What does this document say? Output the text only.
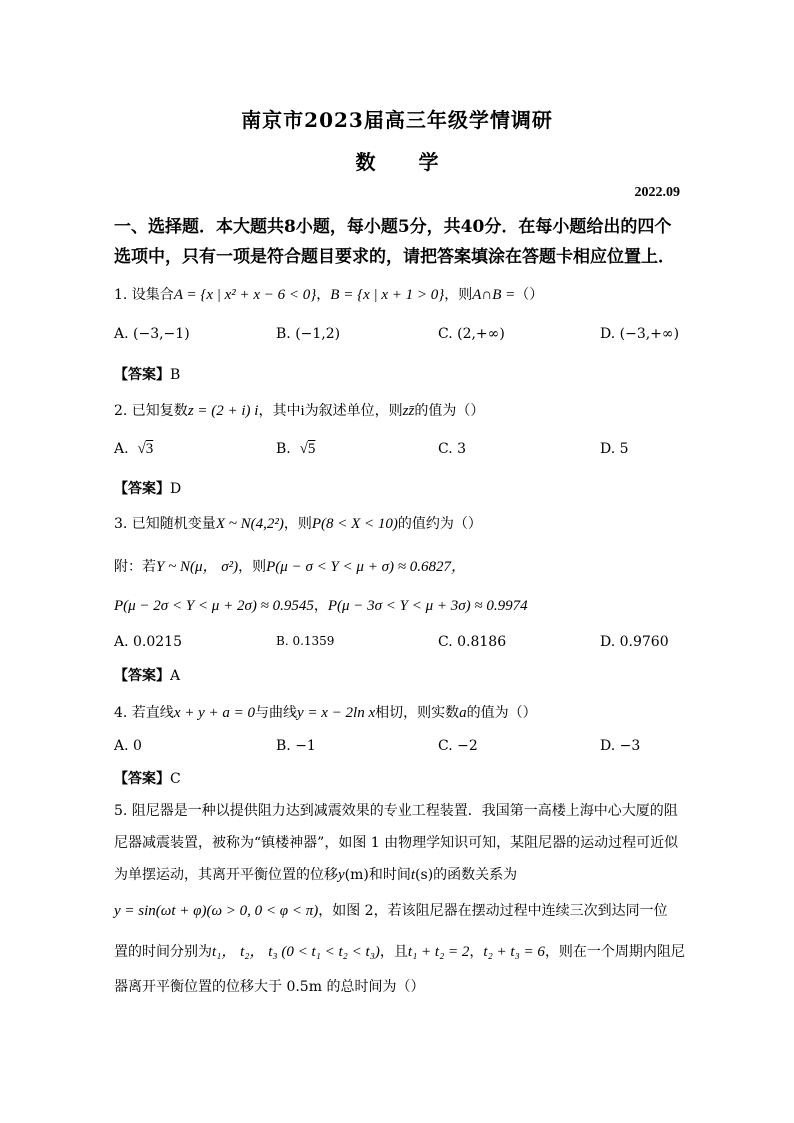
南京市2023届高三年级学情调研
数 学
2022.09
一、选择题．本大题共8小题，每小题5分，共40分．在每小题给出的四个选项中，只有一项是符合题目要求的，请把答案填涂在答题卡相应位置上．
1. 设集合A = {x | x² + x − 6 < 0}，B = {x | x + 1 > 0}，则A∩B =（）
A. (−3,−1)	B. (−1,2)	C. (2,+∞)	D. (−3,+∞)
【答案】B
2. 已知复数z = (2 + i) i，其中i为叙述单位，则zz̄的值为（）
A. √3	B. √5	C. 3	D. 5
【答案】D
3. 已知随机变量X ~ N(4,2²)，则P(8 < X < 10)的值约为（）
附：若Y ~ N(μ， σ²)，则P(μ − σ < Y < μ + σ) ≈ 0.6827，
P(μ − 2σ < Y < μ + 2σ) ≈ 0.9545，P(μ − 3σ < Y < μ + 3σ) ≈ 0.9974
A. 0.0215	B. 0.1359	C. 0.8186	D. 0.9760
【答案】A
4. 若直线x + y + a = 0与曲线y = x − 2ln x相切，则实数a的值为（）
A. 0	B. −1	C. −2	D. −3
【答案】C
5. 阻尼器是一种以提供阻力达到减震效果的专业工程装置．我国第一高楼上海中心大厦的阻
尼器减震装置，被称为“镇楼神器”，如图 1 由物理学知识可知，某阻尼器的运动过程可近似
为单摆运动，其离开平衡位置的位移y(m)和时间t(s)的函数关系为
y = sin(ωt + φ)(ω > 0, 0 < φ < π)，如图 2，若该阻尼器在摆动过程中连续三次到达同一位
置的时间分别为t₁， t₂， t₃ (0 < t₁ < t₂ < t₃)，且t₁ + t₂ = 2，t₂ + t₃ = 6，则在一个周期内阻尼
器离开平衡位置的位移大于 0.5m 的总时间为（）
